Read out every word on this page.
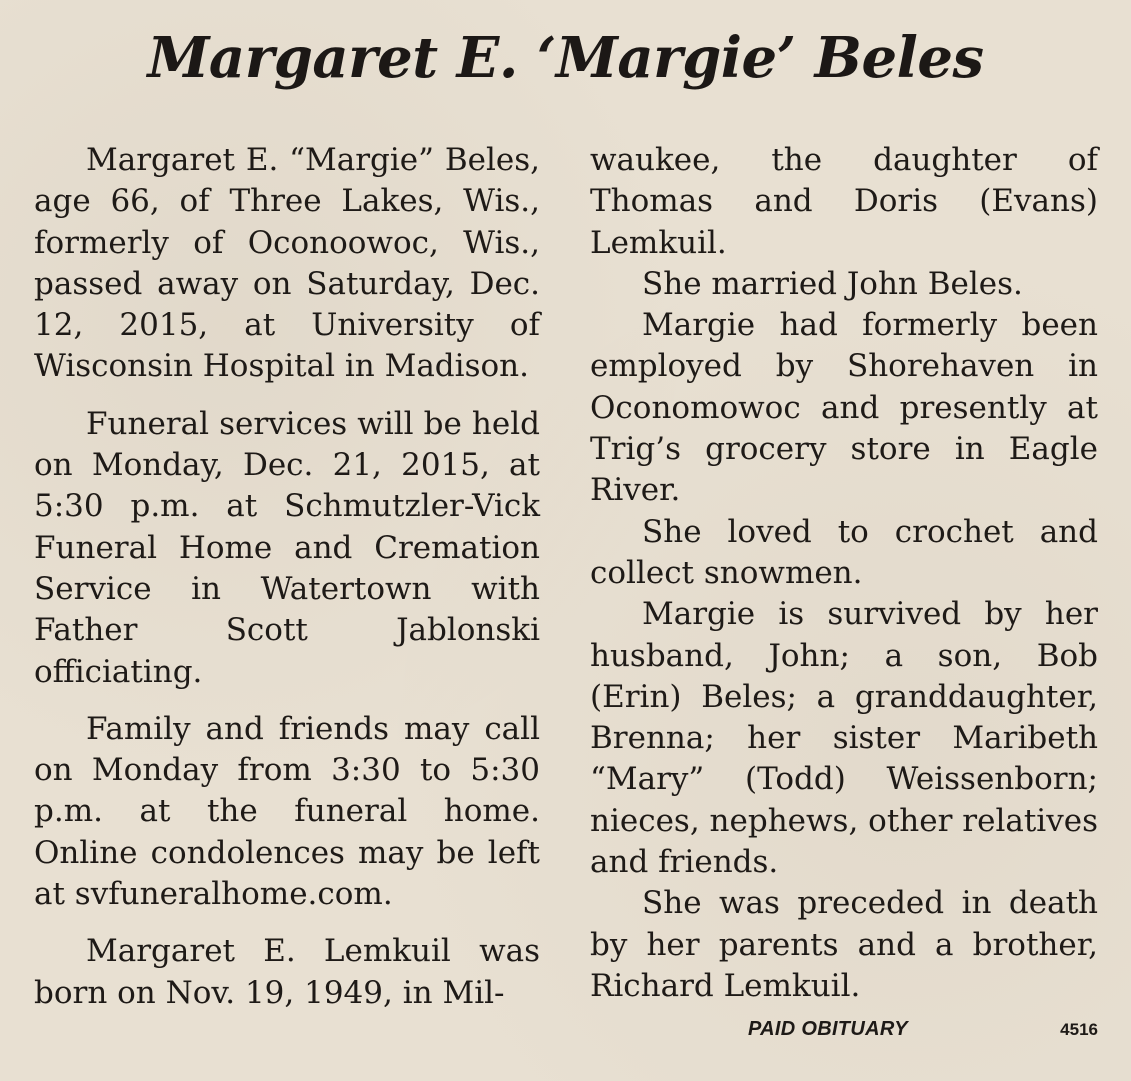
Margaret E. ‘Margie’ Beles

Margaret E. “Margie” Beles, age 66, of Three Lakes, Wis., formerly of Oconoowoc, Wis., passed away on Saturday, Dec. 12, 2015, at University of Wisconsin Hospital in Madison.

Funeral services will be held on Monday, Dec. 21, 2015, at 5:30 p.m. at Schmutzler-Vick Funeral Home and Cremation Service in Watertown with Father Scott Jablonski officiating.

Family and friends may call on Monday from 3:30 to 5:30 p.m. at the funeral home. Online condolences may be left at svfuneralhome.com.

Margaret E. Lemkuil was born on Nov. 19, 1949, in Mil-

waukee, the daughter of Thomas and Doris (Evans) Lemkuil.

She married John Beles.

Margie had formerly been employed by Shorehaven in Oconomowoc and presently at Trig’s grocery store in Eagle River.

She loved to crochet and collect snowmen.

Margie is survived by her husband, John; a son, Bob (Erin) Beles; a granddaughter, Brenna; her sister Maribeth “Mary” (Todd) Weissenborn; nieces, nephews, other relatives and friends.

She was preceded in death by her parents and a brother, Richard Lemkuil.

PAID OBITUARY	4516
